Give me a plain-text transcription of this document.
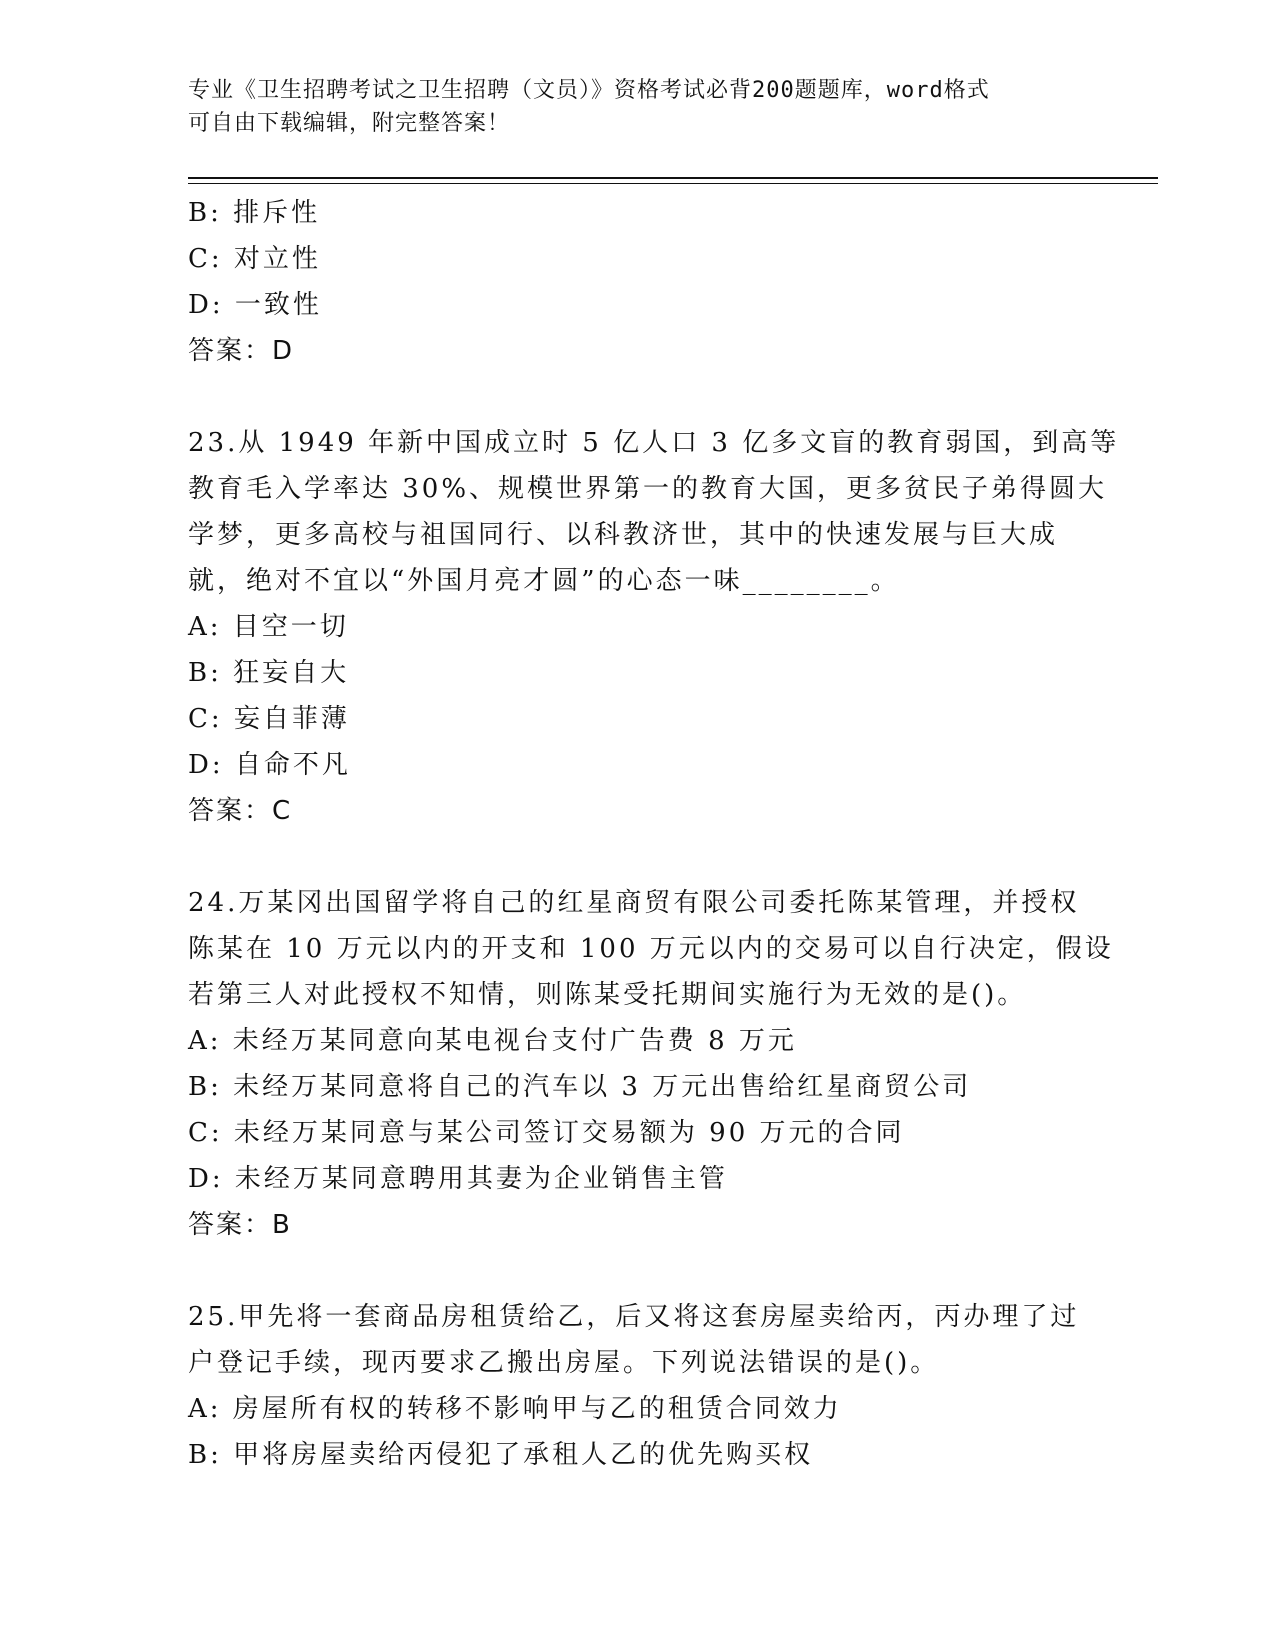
专业《卫生招聘考试之卫生招聘（文员）》资格考试必背200题题库，word格式
可自由下载编辑，附完整答案！
B: 排斥性
C: 对立性
D: 一致性
答案：D
23.从 1949 年新中国成立时 5 亿人口 3 亿多文盲的教育弱国，到高等
教育毛入学率达 30%、规模世界第一的教育大国，更多贫民子弟得圆大
学梦，更多高校与祖国同行、以科教济世，其中的快速发展与巨大成
就，绝对不宜以“外国月亮才圆”的心态一味________。
A: 目空一切
B: 狂妄自大
C: 妄自菲薄
D: 自命不凡
答案：C
24.万某冈出国留学将自己的红星商贸有限公司委托陈某管理，并授权
陈某在 10 万元以内的开支和 100 万元以内的交易可以自行决定，假设
若第三人对此授权不知情，则陈某受托期间实施行为无效的是()。
A: 未经万某同意向某电视台支付广告费 8 万元
B: 未经万某同意将自己的汽车以 3 万元出售给红星商贸公司
C: 未经万某同意与某公司签订交易额为 90 万元的合同
D: 未经万某同意聘用其妻为企业销售主管
答案：B
25.甲先将一套商品房租赁给乙，后又将这套房屋卖给丙，丙办理了过
户登记手续，现丙要求乙搬出房屋。下列说法错误的是()。
A: 房屋所有权的转移不影响甲与乙的租赁合同效力
B: 甲将房屋卖给丙侵犯了承租人乙的优先购买权
